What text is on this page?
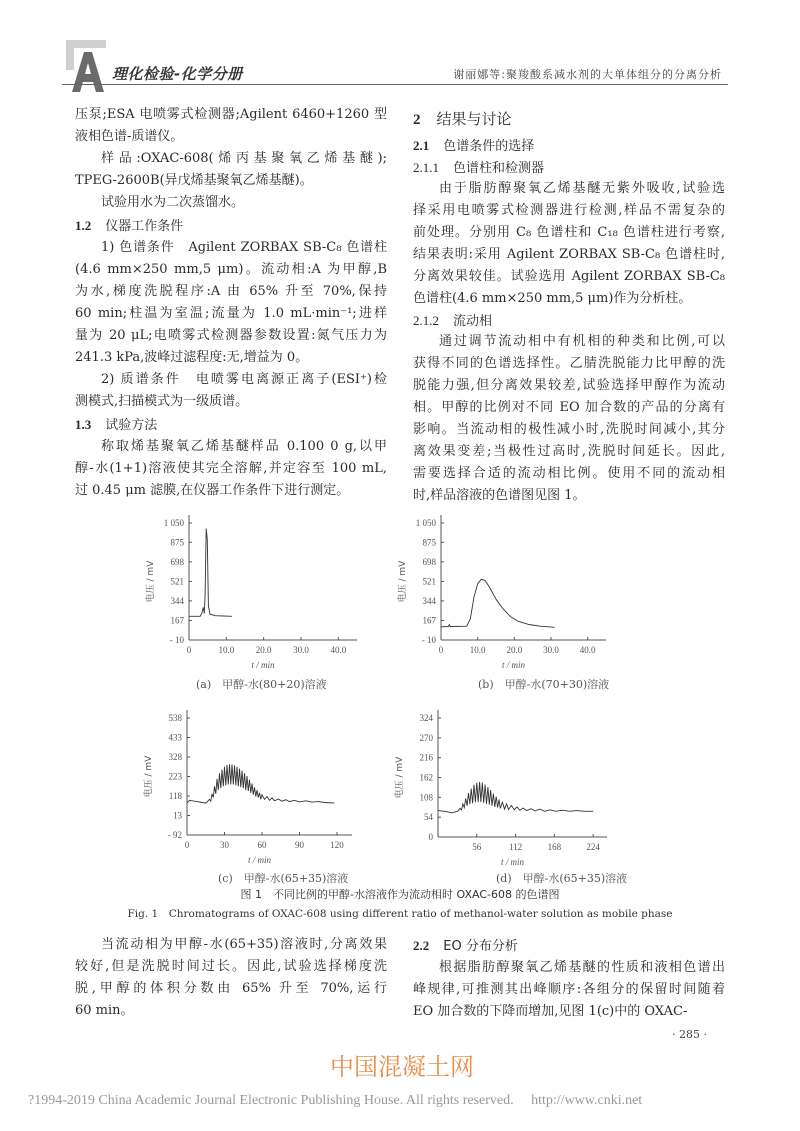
理化检验-化学分册	谢丽娜等:聚羧酸系减水剂的大单体组分的分离分析
压泵;ESA 电喷雾式检测器;Agilent 6460+1260 型
液相色谱-质谱仪。
样品:OXAC-608(烯丙基聚氧乙烯基醚);
TPEG-2600B(异戊烯基聚氧乙烯基醚)。
试验用水为二次蒸馏水。
1.2 仪器工作条件
1) 色谱条件　Agilent ZORBAX SB-C₈ 色谱柱
(4.6 mm×250 mm,5 μm)。流动相:A 为甲醇,B
为水,梯度洗脱程序:A 由 65% 升至 70%,保持
60 min;柱温为室温;流量为 1.0 mL·min⁻¹;进样
量为 20 μL;电喷雾式检测器参数设置:氮气压力为
241.3 kPa,波峰过滤程度:无,增益为 0。
2) 质谱条件　电喷雾电离源正离子(ESI⁺)检
测模式,扫描模式为一级质谱。
1.3 试验方法
称取烯基聚氧乙烯基醚样品 0.100 0 g,以甲
醇-水(1+1)溶液使其完全溶解,并定容至 100 mL,
过 0.45 μm 滤膜,在仪器工作条件下进行测定。
2 结果与讨论
2.1 色谱条件的选择
2.1.1 色谱柱和检测器
由于脂肪醇聚氧乙烯基醚无紫外吸收,试验选
择采用电喷雾式检测器进行检测,样品不需复杂的
前处理。分别用 C₈ 色谱柱和 C₁₈ 色谱柱进行考察,
结果表明:采用 Agilent ZORBAX SB-C₈ 色谱柱时,
分离效果较佳。试验选用 Agilent ZORBAX SB-C₈
色谱柱(4.6 mm×250 mm,5 μm)作为分析柱。
2.1.2 流动相
通过调节流动相中有机相的种类和比例,可以
获得不同的色谱选择性。乙腈洗脱能力比甲醇的洗
脱能力强,但分离效果较差,试验选择甲醇作为流动
相。甲醇的比例对不同 EO 加合数的产品的分离有
影响。当流动相的极性减小时,洗脱时间减小,其分
离效果变差;当极性过高时,洗脱时间延长。因此,
需要选择合适的流动相比例。使用不同的流动相
时,样品溶液的色谱图见图 1。
当流动相为甲醇-水(65+35)溶液时,分离效果
较好,但是洗脱时间过长。因此,试验选择梯度洗
脱,甲醇的体积分数由 65% 升至 70%,运行
60 min。
2.2 EO 分布分析
根据脂肪醇聚氧乙烯基醚的性质和液相色谱出
峰规律,可推测其出峰顺序:各组分的保留时间随着
EO 加合数的下降而增加,见图 1(c)中的 OXAC-
1 050
875
698
521
344
167
- 10
0	10.0 20.0 30.0 40.0
t / min
电压 / mV
1 050
875
698
521
344
167
- 10
0	10.0 20.0 30.0 40.0
t / min
电压 / mV
538
433
328
223
118
13
- 92
0	30	60	90	120
t / min
电压 / mV
324
270
216
162
108
54
0
56	112	168	224
t / min
电压 / mV
(a)　甲醇-水(80+20)溶液	(b)　甲醇-水(70+30)溶液
(c)　甲醇-水(65+35)溶液	(d)　甲醇-水(65+35)溶液
图 1　不同比例的甲醇-水溶液作为流动相时 OXAC-608 的色谱图
Fig. 1　Chromatograms of OXAC-608 using different ratio of methanol-water solution as mobile phase
· 285 ·
中国混凝土网
?1994-2019 China Academic Journal Electronic Publishing House. All rights reserved.　 http://www.cnki.net
